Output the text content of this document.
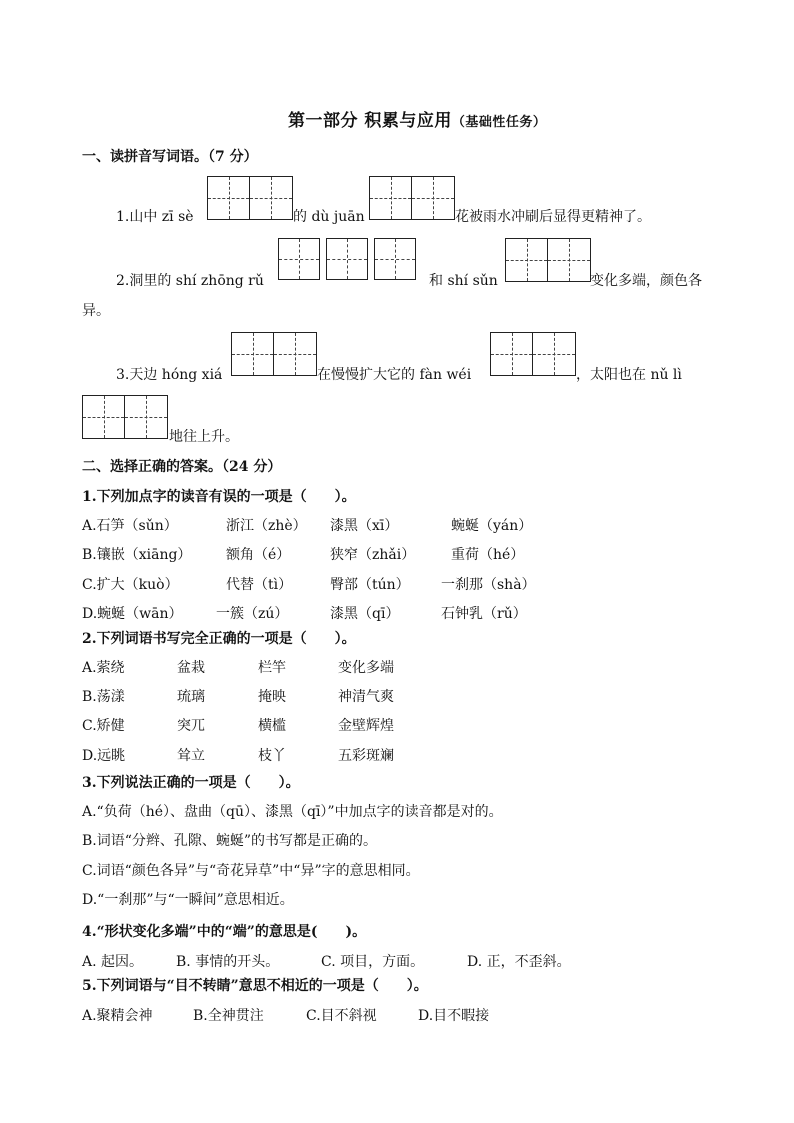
第一部分 积累与应用（基础性任务）
一、读拼音写词语。（7 分）
1.山中 zī sè	的 dù juān	花被雨水冲刷后显得更精神了。
2.洞里的 shí zhōng rǔ	和 shí sǔn	变化多端，颜色各
异。
3.天边 hóng xiá	在慢慢扩大它的 fàn wéi	，太阳也在 nǔ lì
地往上升。
二、选择正确的答案。（24 分）
1.下列加点字的读音有误的一项是（　　）。
A.石笋（sǔn）	浙江（zhè） 漆黑（xī）	蜿蜒（yán）
B.镶嵌（xiāng） 额角（é）	狭窄（zhǎi）	重荷（hé）
C.扩大（kuò）	代替（tì）	臀部（tún） 一刹那（shà）
D.蜿蜒（wān） 一簇（zú）	漆黑（qī）	石钟乳（rǔ）
2.下列词语书写完全正确的一项是（　　）。
A.萦绕	盆栽	栏竿	变化多端
B.荡漾	琉璃	掩映	神清气爽
C.矫健	突兀	横槛	金壁辉煌
D.远眺	耸立	枝丫	五彩斑斓
3.下列说法正确的一项是（　　）。
A.“负荷（hé）、盘曲（qū）、漆黑（qī）”中加点字的读音都是对的。
B.词语“分辫、孔隙、蜿蜒”的书写都是正确的。
C.词语“颜色各异”与“奇花异草”中“异”字的意思相同。
D.“一刹那”与“一瞬间”意思相近。
4.“形状变化多端”中的“端”的意思是(　　)。
A. 起因。 B. 事情的开头。	C. 项目，方面。	D. 正，不歪斜。
5.下列词语与“目不转睛”意思不相近的一项是（　　）。
A.聚精会神	B.全神贯注	C.目不斜视	D.目不暇接
